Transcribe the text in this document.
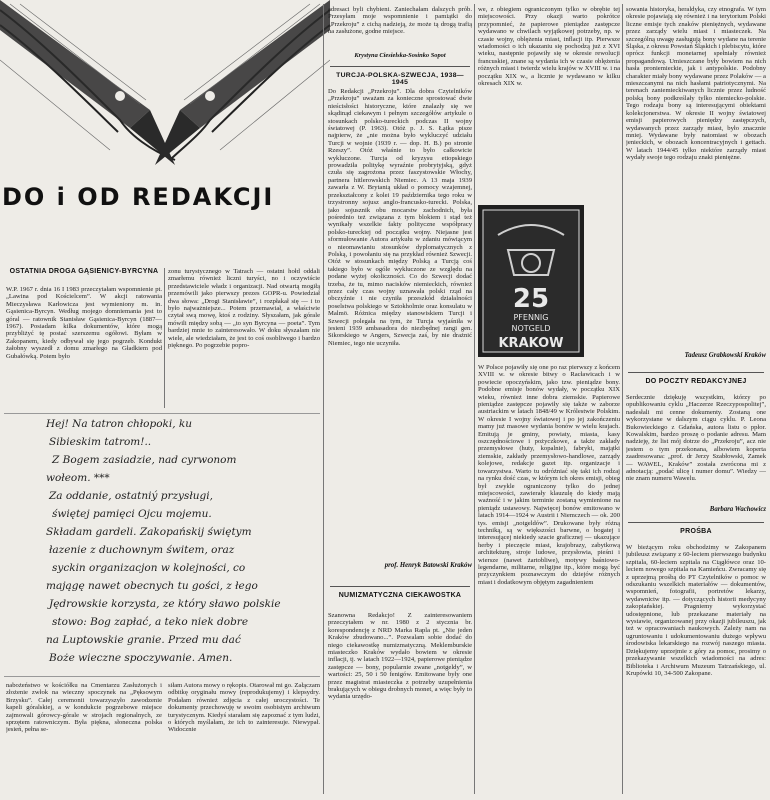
DO i OD REDAKCJI
OSTATNIA DROGA GĄSIENICY-BYRCYNA
W.P. 1967 r. dnia 16 I 1983 przeczytałam wspomnienie pt. „Lawina pod Kościelcem”. W akcji ratowania Mieczysława Karłowicza jest wymieniony m. in. Gąsienica-Byrcyn. Według mojego domniemania jest to góral — ratownik Stanisław Gąsienica-Byrcyn (1887—1967). Posiadam kilka dokumentów, które mogą przybliżyć tę postać szerszemu ogółowi. Byłam w Zakopanem, kiedy odbywał się jego pogrzeb. Kondukt żałobny wyszedł z domu zmarłego na Gładkiem pod Gubałówką. Potem było
zonu turystycznego w Tatrach — ostatni hołd oddali zmarłemu również liczni turyści, no i oczywiście przedstawiciele władz i organizacji. Nad otwartą mogiłą przemówili jako pierwszy prezes GOPR-u. Powiedział dwa słowa: „Drogi Stanisławie”, i rozpłakał się — i to było najważniejsze... Potem przemawiał, a właściwie czytał swą mowę, ktoś z rodziny. Słyszałam, jak górale mówili między sobą — „to syn Byrcyna — poeta”. Tym bardziej mnie to zainteresowało. W doku słyszałam nie wiele, ale wiedziałam, że jest to coś osobliwego i bardzo pięknego. Po pogrzebie popro-
Hej! Na tatron chłopoki, ku
Sibieskim tatrom!..
Z Bogem zasiadzie, nad cyrwonom
wołeom. ***
Za oddanie, ostatniý przysługi,
świętej pamięci Ojcu mojemu.
Składam gardeli. Zakopańskij świętym
łazenie z duchownym świtem, oraz
syckin organizacjon w kolejności, co
majągę nawet obecnych tu gości, z łego
Jędrowskie korzysta, ze który sławo polskie
stowo: Bog zapłać, a teko niek dobre
na Luptowskie granie. Przed mu dać
Boże wieczne spoczywanie. Amen.
nabożeństwo w kościółku na Cmentarzu Zasłużonych i złożenie zwłok na wieczny spoczynek na „Pęksowym Brzysku”. Całej ceremonii towarzyszyło zawodzenie kapeli góralskiej, a w kondukcie pogrzebowe miejsce zajmowali górowcy-górale w strojach regionalnych, ze sprzętem ratowniczym. Była piękna, słoneczna polska jesień, pełna se-
siłam Autora mowy o rękopis. Otarował mi go. Załączam odbitkę oryginału mowy (reprodukujemy) i klepsydry. Podałam również zdjęcia z całej uroczystości. Te dokumenty przechowuję w swoim osobistym archiwum turystycznym. Kiedyś starałam się zapoznać z tym ludzi, o których myślałam, że ich to zainteresuje. Niewypał. Widocznie
adresaci byli chybieni. Zaniechałam dalszych prób. Przesyłam moje wspomnienie i pamiątki do „Przekroju” z cichą nadzieją, że może tą drogą trafią na zasłużone, godne miejsce.
Krystyna Ciesielska-Sosinko Sopot
TURCJA-POLSKA-SZWECJA, 1938—1945
Do Redakcji „Przekroju”. Dla dobra Czytelników „Przekroju” uważam za konieczne sprostować dwie nieścisłości historyczne, które znalazły się we skądinąd ciekawym i pełnym szczegółów artykule o stosunkach polsko-tureckich podczas II wojny światowej (P. 1963). Otóż p. J. S. Łątka pisze najpierw, że „nie można było wykluczyć udziału Turcji w wojnie (1939 r. — dop. H. B.) po stronie Rzeszy”. Otóż właśnie to było całkowicie wykluczone. Turcja od kryzysu etiopskiego prowadziła politykę wyraźnie probrytyjską, gdyż czuła się zagrożona przez faszystowskie Włochy, partnera hitlerowskich Niemiec. A 13 maja 1939 zawarła z W. Brytanią układ o pomocy wzajemnej, przekształcony z kolei 19 października tego roku w trzystronny sojusz anglo-francusko-turecki. Polska, jako sojusznik obu mocarstw zachodnich, była pośrednio też związana z tym blokiem i stąd też wynikały wszelkie fakty polityczne współpracy polsko-tureckiej od początku wojny. Niejasne jest sformułowanie Autora artykułu w zdaniu mówiącym o nieomawianiu stosunków dyplomatycznych z Polską, i powołaniu się na przykład również Szwecji. Otóż w stosunkach między Polską a Turcją coś takiego było w ogóle wykluczone ze względu na podane wyżej okoliczności. Co do Szwecji dodać trzeba, że tu, mimo nacisków niemieckich, również przez cały czas wojny uznawała polski rząd na obczyźnie i nie czyniła przeszkód działalności poselstwa polskiego w Sztokholmie oraz konsulatu w Malmö. Różnica między stanowiskiem Turcji i Szwecji polegała na tym, że Turcja wyjaśniła w jesieni 1939 ambasadora do niezbędnej rangi gen. Sikorskiego w Angers, Szwecja zaś, by nie drażnić Niemiec, tego nie uczyniła.
prof. Henryk Batowski Kraków
NUMIZMATYCZNA CIEKAWOSTKA
Szanowna Redakcjo! Z zainteresowaniem przeczytałem w nr. 1980 z 2 stycznia br. korespondencję z NRD Marka Rapla pt. „Nie jeden Kraków zbudowano...”. Pozwalam sobie dodać do niego ciekawostkę numizmatyczną. Meklemburskie miasteczko Kraków wydało bowiem w okresie inflacji, tj. w latach 1922—1924, papierowe pieniądze zastępcze — bony, popularnie zwane „notgeldy”, w wartości: 25, 50 i 50 fenigów. Emitowane były one przez magistrat miasteczka z potrzeby uzupełnienia brakujących w obiegu drobnych monet, a więc były to wydania urzędo-
we, z obiegiem ograniczonym tylko w obrębie tej miejscowości. Przy okazji warto pokrótce przypomnieć, że papierowe pieniądze zastępcze wydawano w chwilach wyjątkowej potrzeby, np. w czasie wojny, oblężenia miast, inflacji itp. Pierwsze wiadomości o ich ukazaniu się pochodzą już z XVI wieku, następnie pojawiły się w okresie rewolucji francuskiej, znane są wydania ich w czasie oblężenia różnych miast i twierdz wielu krajów w XVIII w. i na początku XIX w., a licznie je wydawano w kilku okresach XIX w.
25
PFENNIG
NOTGELD
KRAKOW
W Polsce pojawiły się one po raz pierwszy z końcem XVIII w. w okresie bitwy o Racławicach i w powiecie opoczyńskim, jako tzw. pieniądze bony. Podobne emisje bonów wydały, w początku XIX wieku, również inne dobra ziemskie. Papierowe pieniądze zastępcze pojawiły się także w zaborze austriackim w latach 1848/49 w Królestwie Polskim. W okresie I wojny światowej i po jej zakończeniu mamy już masowe wydania bonów w wielu krajach. Emitują je gminy, powiaty, miasta, kasy oszczędnościowe i pożyczkowe, a także zakłady przemysłowe (huty, kopalnie), fabryki, majątki ziemskie, zakłady przemysłowo-handlowe, zarządy kolejowe, redakcje gazet itp. organizacje i towarzystwa. Warto tu odróżniać się taki ich rodzaj na rynku dość czas, w którym ich okres emisji, obieg był zwykle ograniczony tylko do jednej miejscowości, zawierały klauzulę do kiedy mają ważność i w jakim terminie zostaną wymienione na pieniądz ustawowy. Najwięcej bonów emitowano w latach 1914—1924 w Austrii i Niemczech — ok. 200 tys. emisji „notgeldów”. Drukowane były różną techniką, są w większości barwne, o bogatej i interesującej niekiedy szacie graficznej — ukazujące herby i pieczęcie miast, krajobrazy, zabytkową architekturę, stroje ludowe, przysłowia, pieśni i wiersze (nawet żartobliwe), motywy baśniowo-legendarne, militarne, religijne itp., które mogą być przyczynkiem poznawczym do dziejów różnych miast i dodatkowym objętym zagadnieniem
sowania historyka, heraldyka, czy etnografa. W tym okresie pojawiają się również i na terytorium Polski liczne emisje tych znaków pieniężnych, wydawane przez zarządy wielu miast i miasteczek. Na szczególną uwagę zasługują bony wydane na terenie Śląska, z okresu Powstań Śląskich i plebiscytu, które oprócz funkcji monetarnej spełniały również propagandową. Umieszczane były bowiem na nich hasła proniemieckie, jak i antypolskie. Podobny charakter miały bony wydawane przez Polaków — a mieszczanymi na nich hasłami patriotycznymi. Na terenach zaniemieckiwanych licznie przez ludność polską bony podkreślały tylko niemiecko-polskie. Tego rodzaju bony są interesującymi obiektami kolekcjonerstwa. W okresie II wojny światowej emisji papierowych pieniędzy zastępczych, wydawanych przez zarządy miast, było znacznie mniej. Wydawane były natomiast w obozach jenieckich, w obozach koncentracyjnych i gettach. W latach 1944/45 tylko niektóre zarządy miast wydały swoje tego rodzaju znaki pieniężne.
Tadeusz Grabkowski Kraków
DO POCZTY REDAKCYJNEJ
Serdecznie dziękuję wszystkim, którzy po opublikowaniu cyklu „Haczerze Rzeczypospolitej”, nadesłali mi cenne dokumenty. Zostaną one wykorzystane w dalszym ciągu cyklu. P. Leona Bukowieckiego z Gdańska, autora listu o ppłor. Kowalskim, bardzo proszę o podanie adresu. Mam nadzieję, że list mój dotrze do „Przekroju”, acz nie jestem o tym przekonana, albowiem koperta zaadresowana: „prof. dr Jerzy Szabłowski, Zamek — WAWEL, Kraków” została zwrócona mi z adnotacją: „podać ulicę i numer domu”. Wiedzy — nie znam numeru Wawelu.
Barbara Wachowicz
PROŚBA
W bieżącym roku obchodzimy w Zakopanem jubileusz związany z 60-leciem pierwszego budynku szpitala, 60-leciem szpitala na Ciągłówce oraz 10-leciem nowego szpitala na Kamieńcu. Zwracamy się z uprzejmą prośbą do PT Czytelników o pomoc w odszukaniu wszelkich materiałów — dokumentów, wspomnień, fotografii, portretów lekarzy, wydawnictw itp. — dotyczących historii medycyny zakopiańskiej. Pragniemy wykorzystać udostępnione, lub przekazane materiały na wystawie, organizowanej przy okazji jubileuszu, jak też w opracowaniach naukowych. Zależy nam na ugruntowaniu i udokumentowaniu dużego wpływu środowiska lekarskiego na rozwój naszego miasta. Dziękujemy uprzejmie z góry za pomoc, prosimy o przekazywanie wszelkich wiadomości na adres: Biblioteka i Archiwum Muzeum Tatrzańskiego, ul. Krupówki 10, 34-500 Zakopane.
